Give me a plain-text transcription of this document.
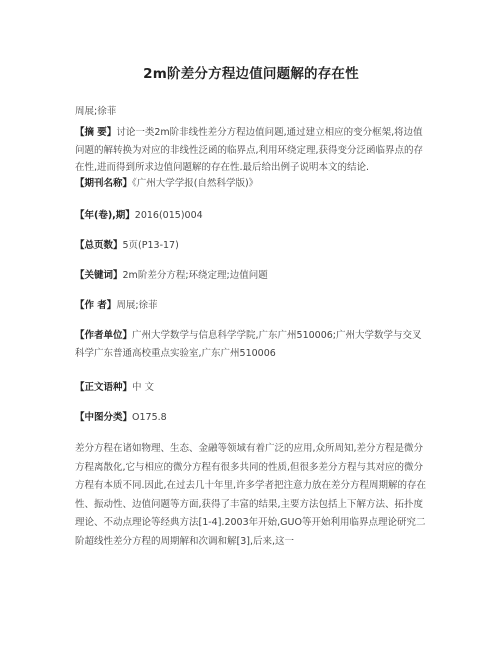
2m阶差分方程边值问题解的存在性
周展;徐菲
【摘 要】讨论一类2m阶非线性差分方程边值问题,通过建立相应的变分框架,将边值问题的解转换为对应的非线性泛函的临界点,利用环绕定理,获得变分泛函临界点的存在性,进而得到所求边值问题解的存在性.最后给出例子说明本文的结论.
【期刊名称】《广州大学学报(自然科学版)》
【年(卷),期】2016(015)004
【总页数】5页(P13-17)
【关键词】2m阶差分方程;环绕定理;边值问题
【作 者】周展;徐菲
【作者单位】广州大学数学与信息科学学院,广东广州510006;广州大学数学与交叉科学广东普通高校重点实验室,广东广州510006
【正文语种】中 文
【中图分类】O175.8
差分方程在诸如物理、生态、金融等领域有着广泛的应用,众所周知,差分方程是微分方程离散化,它与相应的微分方程有很多共同的性质,但很多差分方程与其对应的微分方程有本质不同.因此,在过去几十年里,许多学者把注意力放在差分方程周期解的存在性、振动性、边值问题等方面,获得了丰富的结果,主要方法包括上下解方法、拓扑度理论、不动点理论等经典方法[1-4].2003年开始,GUO等开始利用临界点理论研究二阶超线性差分方程的周期解和次调和解[3],后来,这一
